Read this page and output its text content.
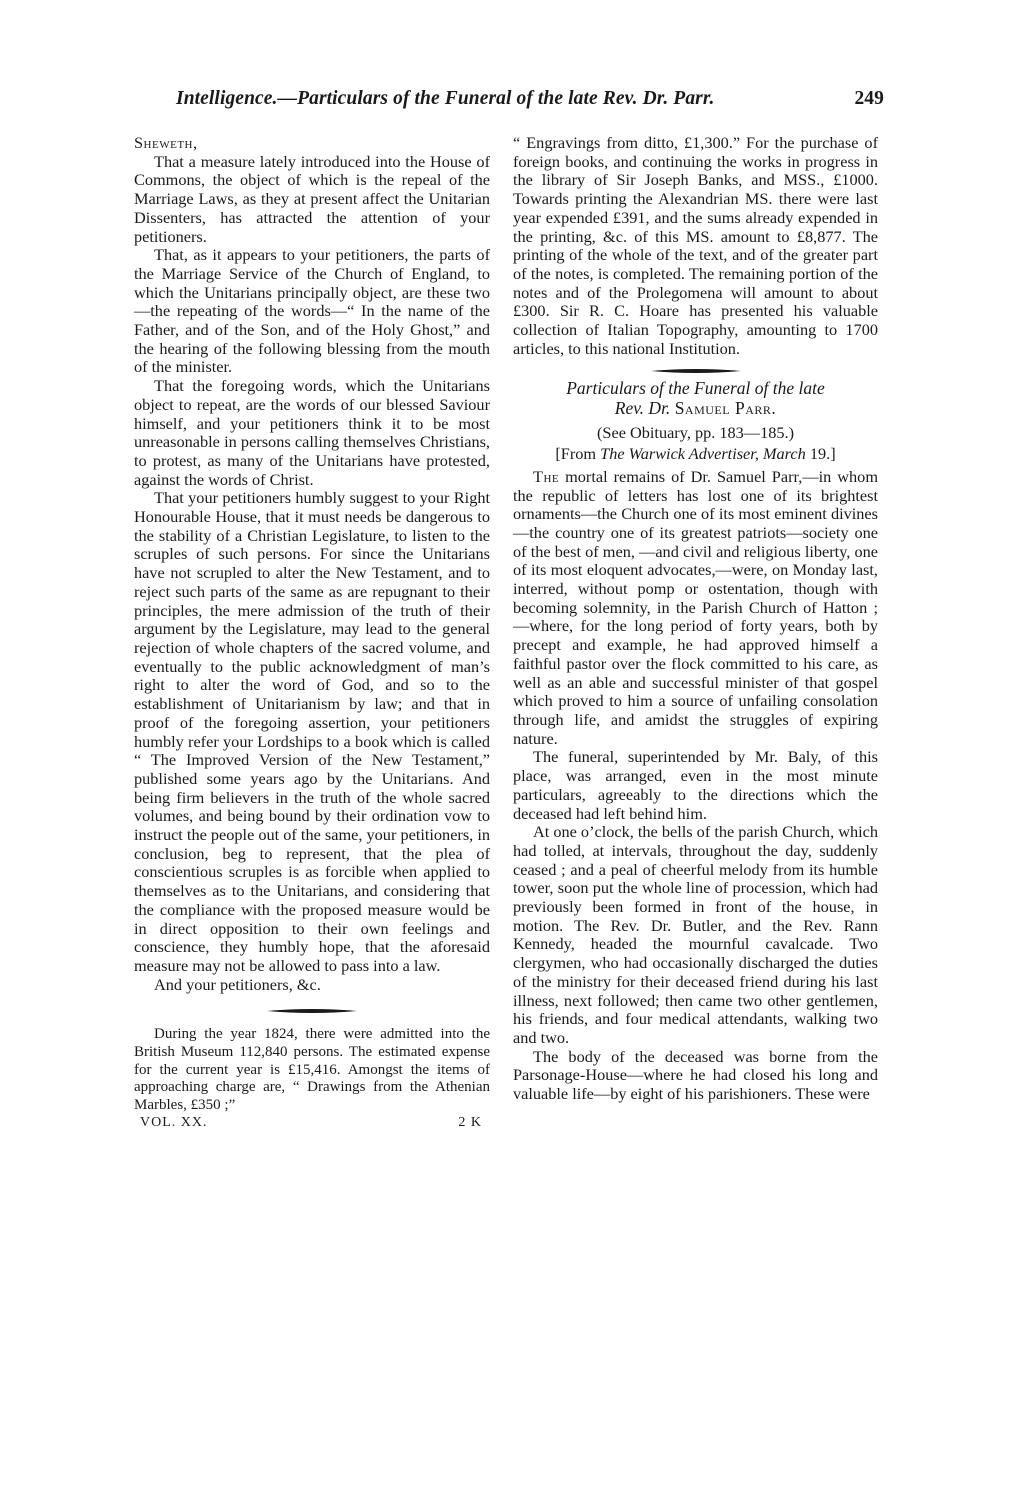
Intelligence.—Particulars of the Funeral of the late Rev. Dr. Parr.	249

Sheweth,

That a measure lately introduced into the House of Commons, the object of which is the repeal of the Marriage Laws, as they at present affect the Unitarian Dissenters, has attracted the attention of your petitioners.

That, as it appears to your petitioners, the parts of the Marriage Service of the Church of England, to which the Unitarians principally object, are these two—the repeating of the words—“ In the name of the Father, and of the Son, and of the Holy Ghost,” and the hearing of the following blessing from the mouth of the minister.

That the foregoing words, which the Unitarians object to repeat, are the words of our blessed Saviour himself, and your petitioners think it to be most unreasonable in persons calling themselves Christians, to protest, as many of the Unitarians have protested, against the words of Christ.

That your petitioners humbly suggest to your Right Honourable House, that it must needs be dangerous to the stability of a Christian Legislature, to listen to the scruples of such persons. For since the Unitarians have not scrupled to alter the New Testament, and to reject such parts of the same as are repugnant to their principles, the mere admission of the truth of their argument by the Legislature, may lead to the general rejection of whole chapters of the sacred volume, and eventually to the public acknowledgment of man’s right to alter the word of God, and so to the establishment of Unitarianism by law; and that in proof of the foregoing assertion, your petitioners humbly refer your Lordships to a book which is called “ The Improved Version of the New Testament,” published some years ago by the Unitarians. And being firm believers in the truth of the whole sacred volumes, and being bound by their ordination vow to instruct the people out of the same, your petitioners, in conclusion, beg to represent, that the plea of conscientious scruples is as forcible when applied to themselves as to the Unitarians, and considering that the compliance with the proposed measure would be in direct opposition to their own feelings and conscience, they humbly hope, that the aforesaid measure may not be allowed to pass into a law.

And your petitioners, &c.

During the year 1824, there were admitted into the British Museum 112,840 persons. The estimated expense for the current year is £15,416. Amongst the items of approaching charge are, “ Drawings from the Athenian Marbles, £350 ;”

VOL. XX.	2 K

“ Engravings from ditto, £1,300.” For the purchase of foreign books, and continuing the works in progress in the library of Sir Joseph Banks, and MSS., £1000. Towards printing the Alexandrian MS. there were last year expended £391, and the sums already expended in the printing, &c. of this MS. amount to £8,877. The printing of the whole of the text, and of the greater part of the notes, is completed. The remaining portion of the notes and of the Prolegomena will amount to about £300. Sir R. C. Hoare has presented his valuable collection of Italian Topography, amounting to 1700 articles, to this national Institution.

Particulars of the Funeral of the late
Rev. Dr. Samuel Parr.

(See Obituary, pp. 183—185.)

[From The Warwick Advertiser, March 19.]

The mortal remains of Dr. Samuel Parr,—in whom the republic of letters has lost one of its brightest ornaments—the Church one of its most eminent divines—the country one of its greatest patriots—society one of the best of men, —and civil and religious liberty, one of its most eloquent advocates,—were, on Monday last, interred, without pomp or ostentation, though with becoming solemnity, in the Parish Church of Hatton ; —where, for the long period of forty years, both by precept and example, he had approved himself a faithful pastor over the flock committed to his care, as well as an able and successful minister of that gospel which proved to him a source of unfailing consolation through life, and amidst the struggles of expiring nature.

The funeral, superintended by Mr. Baly, of this place, was arranged, even in the most minute particulars, agreeably to the directions which the deceased had left behind him.

At one o’clock, the bells of the parish Church, which had tolled, at intervals, throughout the day, suddenly ceased ; and a peal of cheerful melody from its humble tower, soon put the whole line of procession, which had previously been formed in front of the house, in motion. The Rev. Dr. Butler, and the Rev. Rann Kennedy, headed the mournful cavalcade. Two clergymen, who had occasionally discharged the duties of the ministry for their deceased friend during his last illness, next followed; then came two other gentlemen, his friends, and four medical attendants, walking two and two.

The body of the deceased was borne from the Parsonage-House—where he had closed his long and valuable life—by eight of his parishioners. These were
